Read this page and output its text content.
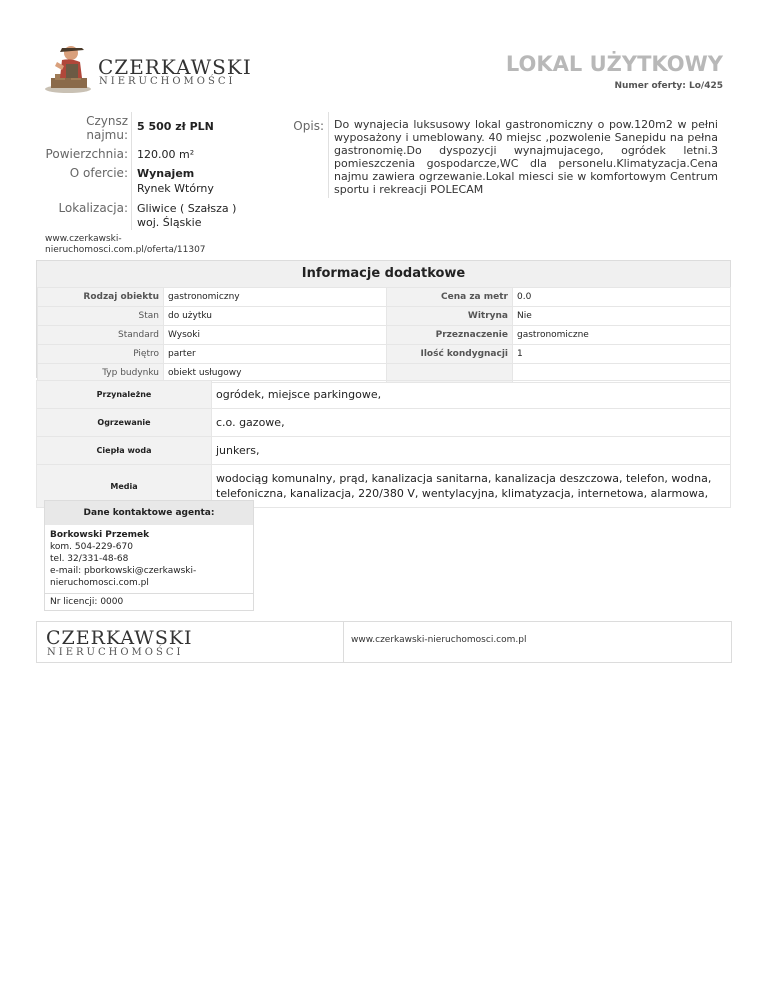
CZERKAWSKI
NIERUCHOMOŚCI
LOKAL UŻYTKOWY
Numer oferty: Lo/425
Czynsz
najmu:
5 500 zł PLN
Powierzchnia: 120.00 m²
O ofercie: Wynajem
Rynek Wtórny
Lokalizacja: Gliwice ( Szałsza )
woj. Śląskie
Opis: Do wynajecia luksusowy lokal gastronomiczny o pow.120m2 w pełni wyposażony i umeblowany. 40 miejsc ,pozwolenie Sanepidu na pełna gastronomię.Do dyspozycji wynajmujacego, ogródek letni.3 pomieszczenia gospodarcze,WC dla personelu.Klimatyzacja.Cena najmu zawiera ogrzewanie.Lokal miesci sie w komfortowym Centrum sportu i rekreacji POLECAM
www.czerkawski-
nieruchomosci.com.pl/oferta/11307
Informacje dodatkowe
Rodzaj obiektu	gastronomiczny	Cena za metr	0.0
Stan	do użytku	Witryna	Nie
Standard	Wysoki	Przeznaczenie	gastronomiczne
Piętro	parter	Ilość kondygnacji	1
Typ budynku	obiekt usługowy		
Przynależne	ogródek, miejsce parkingowe,
Ogrzewanie	c.o. gazowe,
Ciepła woda	junkers,
Media	wodociąg komunalny, prąd, kanalizacja sanitarna, kanalizacja deszczowa, telefon, wodna, telefoniczna, kanalizacja, 220/380 V, wentylacyjna, klimatyzacja, internetowa, alarmowa,
Dane kontaktowe agenta:
Borkowski Przemek
kom. 504-229-670
tel. 32/331-48-68
e-mail: pborkowski@czerkawski-
nieruchomosci.com.pl
Nr licencji: 0000
CZERKAWSKI
NIERUCHOMOŚCI
www.czerkawski-nieruchomosci.com.pl
